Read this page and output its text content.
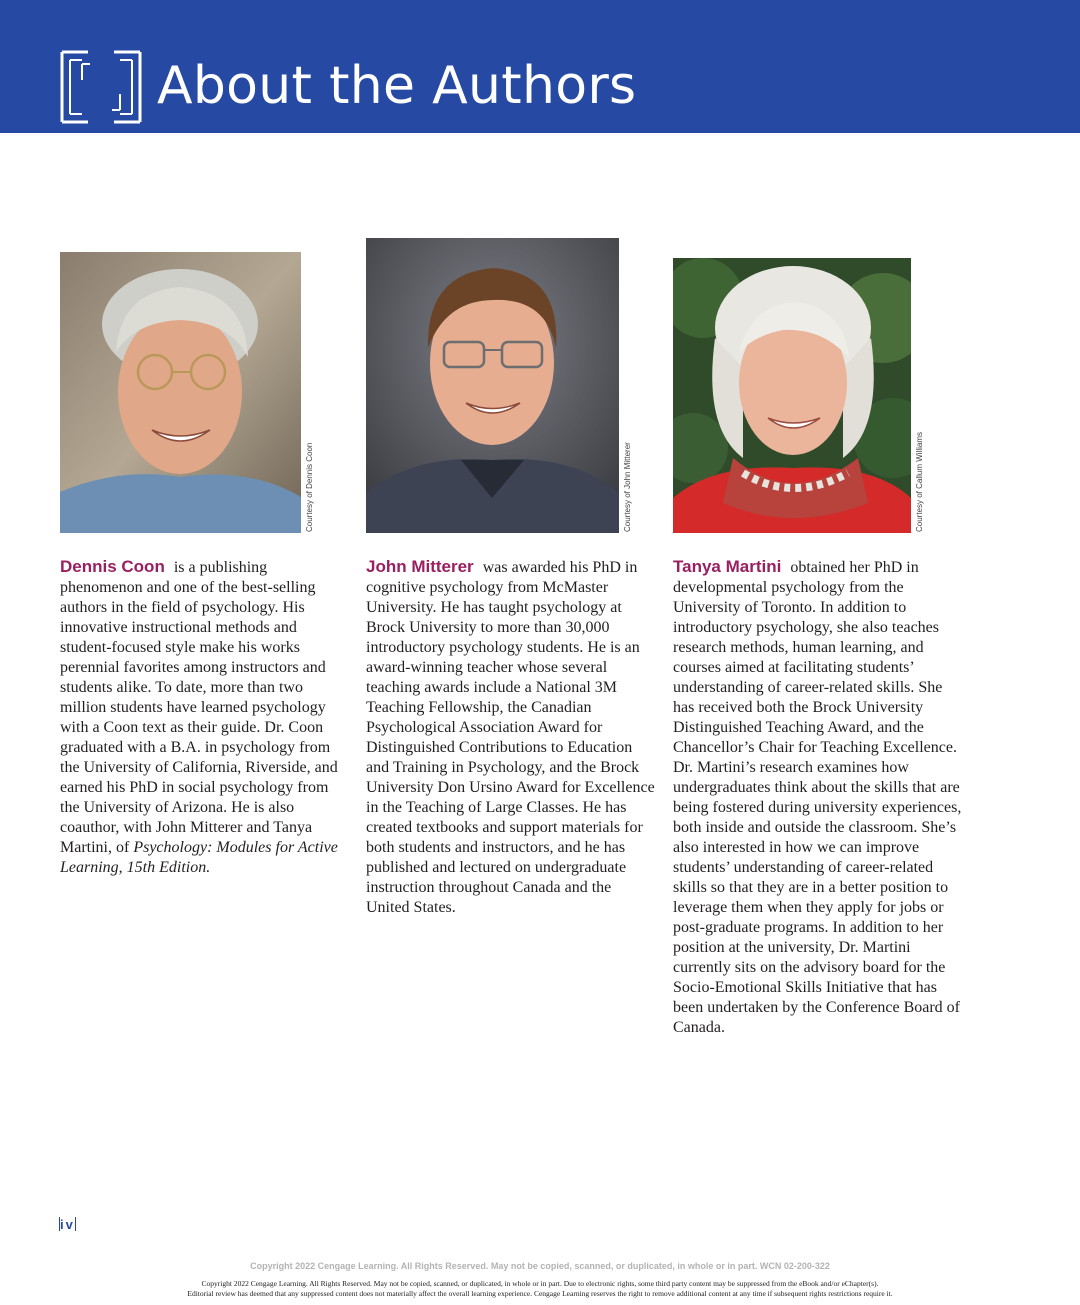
About the Authors
Courtesy of Dennis Coon
Dennis Coon is a publishing phenomenon and one of the best-selling authors in the field of psychology. His innovative instructional methods and student-focused style make his works perennial favorites among instructors and students alike. To date, more than two million students have learned psychology with a Coon text as their guide. Dr. Coon graduated with a B.A. in psychology from the University of California, Riverside, and earned his PhD in social psychology from the University of Arizona. He is also coauthor, with John Mitterer and Tanya Martini, of Psychology: Modules for Active Learning, 15th Edition.
Courtesy of John Mitterer
John Mitterer was awarded his PhD in cognitive psychology from McMaster University. He has taught psychology at Brock University to more than 30,000 introductory psychology students. He is an award-winning teacher whose several teaching awards include a National 3M Teaching Fellowship, the Canadian Psychological Association Award for Distinguished Contributions to Education and Training in Psychology, and the Brock University Don Ursino Award for Excellence in the Teaching of Large Classes. He has created textbooks and support materials for both students and instructors, and he has published and lectured on undergraduate instruction throughout Canada and the United States.
Courtesy of Callum Williams
Tanya Martini obtained her PhD in developmental psychology from the University of Toronto. In addition to introductory psychology, she also teaches research methods, human learning, and courses aimed at facilitating students’ understanding of career-related skills. She has received both the Brock University Distinguished Teaching Award, and the Chancellor’s Chair for Teaching Excellence. Dr. Martini’s research examines how undergraduates think about the skills that are being fostered during university experiences, both inside and outside the classroom. She’s also interested in how we can improve students’ understanding of career-related skills so that they are in a better position to leverage them when they apply for jobs or post-graduate programs. In addition to her position at the university, Dr. Martini currently sits on the advisory board for the Socio-Emotional Skills Initiative that has been undertaken by the Conference Board of Canada.
iv
Copyright 2022 Cengage Learning. All Rights Reserved. May not be copied, scanned, or duplicated, in whole or in part. WCN 02-200-322
Copyright 2022 Cengage Learning. All Rights Reserved. May not be copied, scanned, or duplicated, in whole or in part. Due to electronic rights, some third party content may be suppressed from the eBook and/or eChapter(s).
Editorial review has deemed that any suppressed content does not materially affect the overall learning experience. Cengage Learning reserves the right to remove additional content at any time if subsequent rights restrictions require it.
